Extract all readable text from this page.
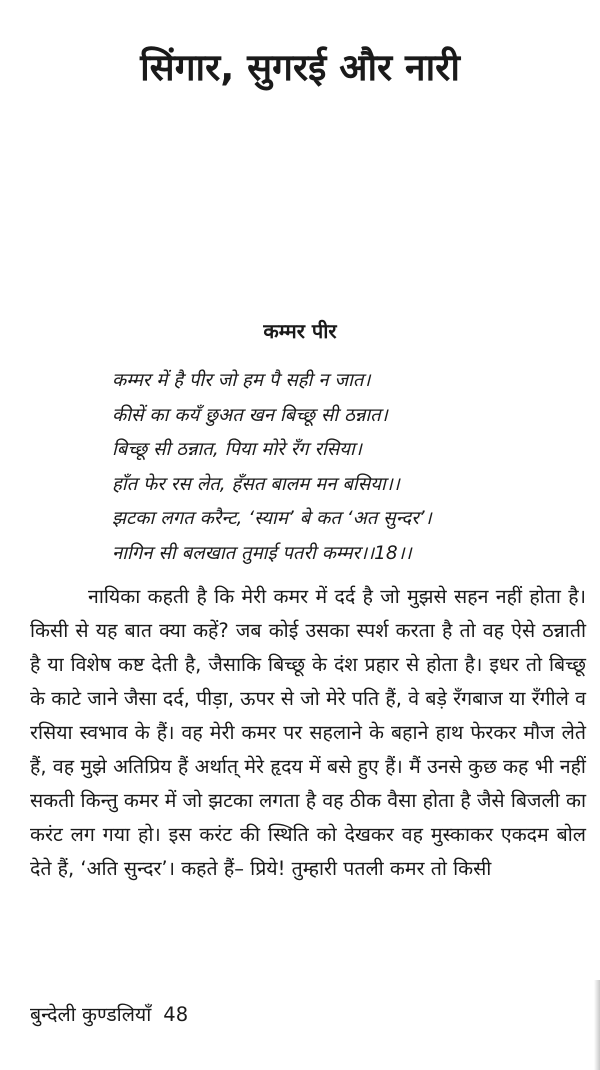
सिंगार, सुगरई और नारी
कम्मर पीर
कम्मर में है पीर जो हम पै सही न जात।
कीसें का कयँ छुअत खन बिच्छू सी ठन्नात।
बिच्छू सी ठन्नात, पिया मोरे रँग रसिया।
हाँत फेर रस लेत, हँसत बालम मन बसिया।।
झटका लगत करैन्ट, ‘स्याम’ बे कत ‘अत सुन्दर’।
नागिन सी बलखात तुमाई पतरी कम्मर।।18।।

नायिका कहती है कि मेरी कमर में दर्द है जो मुझसे सहन नहीं होता है। किसी से यह बात क्या कहें? जब कोई उसका स्पर्श करता है तो वह ऐसे ठन्नाती है या विशेष कष्ट देती है, जैसाकि बिच्छू के दंश प्रहार से होता है। इधर तो बिच्छू के काटे जाने जैसा दर्द, पीड़ा, ऊपर से जो मेरे पति हैं, वे बड़े रँगबाज या रँगीले व रसिया स्वभाव के हैं। वह मेरी कमर पर सहलाने के बहाने हाथ फेरकर मौज लेते हैं, वह मुझे अतिप्रिय हैं अर्थात् मेरे हृदय में बसे हुए हैं। मैं उनसे कुछ कह भी नहीं सकती किन्तु कमर में जो झटका लगता है वह ठीक वैसा होता है जैसे बिजली का करंट लग गया हो। इस करंट की स्थिति को देखकर वह मुस्काकर एकदम बोल देते हैं, ‘अति सुन्दर’। कहते हैं– प्रिये! तुम्हारी पतली कमर तो किसी

बुन्देली कुण्डलियाँ 48
